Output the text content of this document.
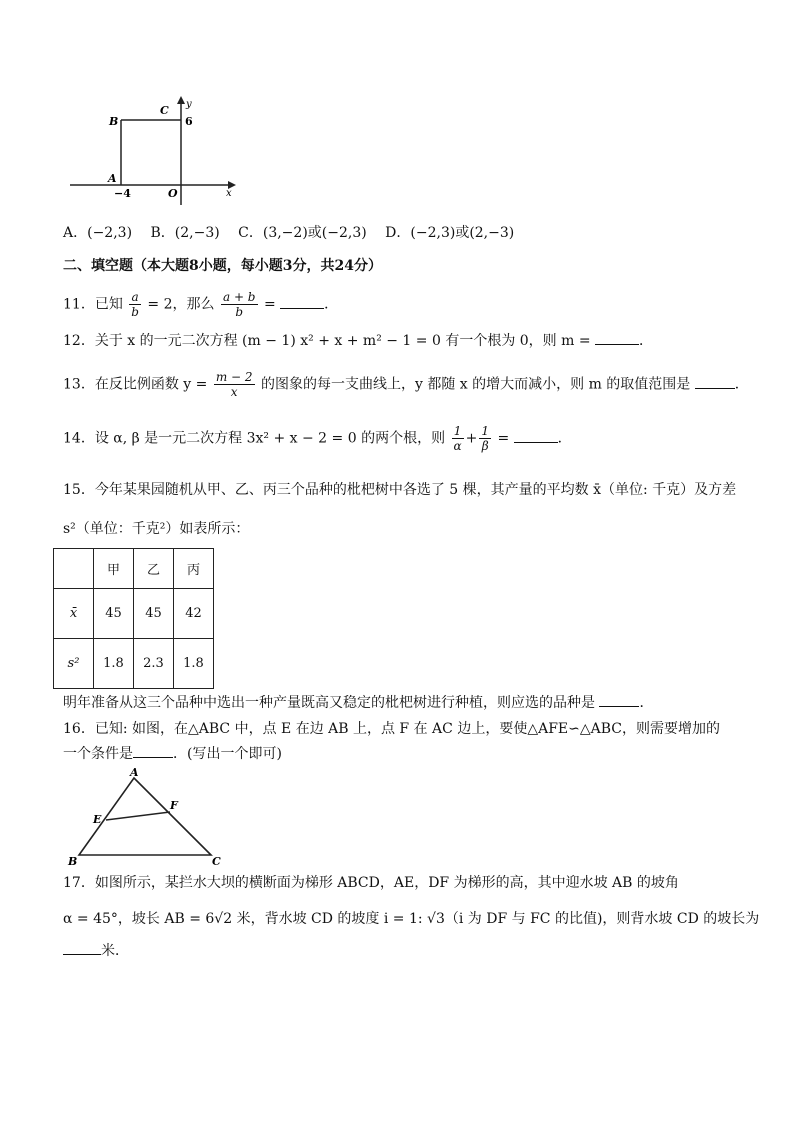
B
C y
6
A
−4	O	x
A．(−2,3) B．(2,−3) C．(3,−2)或(−2,3) D．(−2,3)或(2,−3)
二、填空题（本大题8小题，每小题3分，共24分）
11．已知 $\frac{a}{b} = 2$，那么 $\frac{a + b}{b}$ =	．
12．关于 x 的一元二次方程 (m − 1) x² + x + m² − 1 = 0 有一个根为 0，则 m =	．
13．在反比例函数 $y = \frac{m - 2}{x}$ 的图象的每一支曲线上，y 都随 x 的增大而减小，则 m 的取值范围是	．
14．设 α, β 是一元二次方程 3x² + x − 2 = 0 的两个根，则 $\frac{1}{\alpha} + \frac{1}{\beta}$ =	．
15．今年某果园随机从甲、乙、丙三个品种的枇杷树中各选了 5 棵，其产量的平均数 x̄（单位: 千克）及方差
s²（单位：千克²）如表所示：
	甲	乙	丙
x̄	45	45	42
s²	1.8	2.3	1.8
明年准备从这三个品种中选出一种产量既高又稳定的枇杷树进行种植，则应选的品种是	．
16．已知: 如图，在△ABC 中，点 E 在边 AB 上，点 F 在 AC 边上，要使△AFE∽△ABC，则需要增加的
一个条件是	．(写出一个即可)
A
E
F
B	C
17．如图所示，某拦水大坝的横断面为梯形 ABCD，AE，DF 为梯形的高，其中迎水坡 AB 的坡角
α = 45°，坡长 AB = 6√2 米，背水坡 CD 的坡度 i = 1: √3（i 为 DF 与 FC 的比值)，则背水坡 CD 的坡长为
米．
